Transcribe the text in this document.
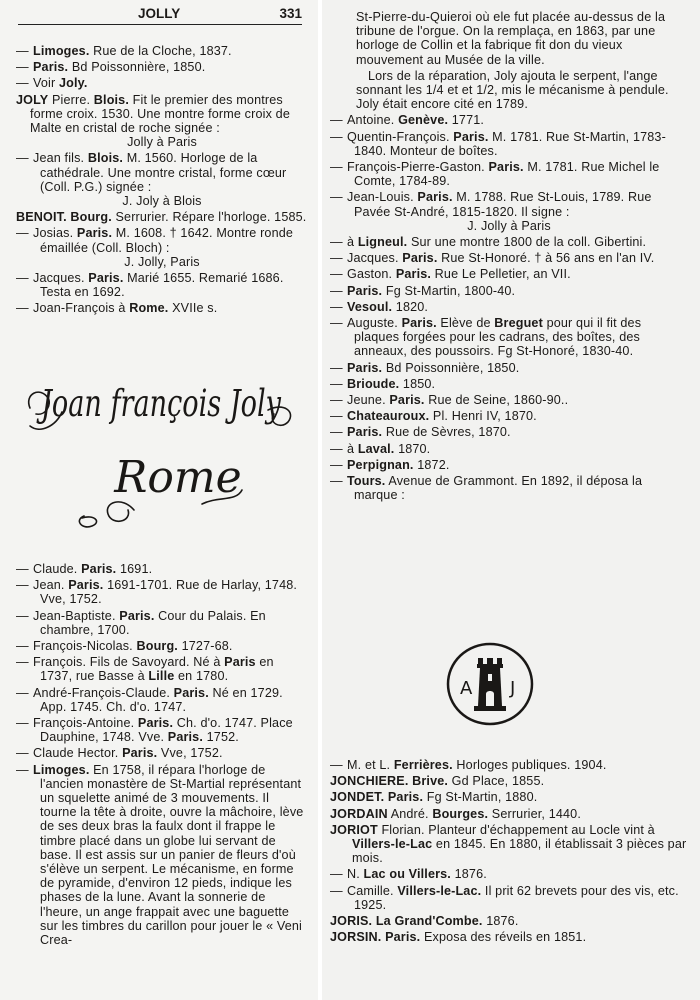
JOLLY	331
— Limoges. Rue de la Cloche, 1837.
— Paris. Bd Poissonnière, 1850.
— Voir Joly.
JOLY Pierre. Blois. Fit le premier des montres forme croix. 1530. Une montre forme croix de Malte en cristal de roche signée :
Jolly à Paris
— Jean fils. Blois. M. 1560. Horloge de la cathédrale. Une montre cristal, forme cœur (Coll. P.G.) signée :
J. Joly à Blois
BENOIT. Bourg. Serrurier. Répare l'horloge. 1585.
— Josias. Paris. M. 1608. † 1642. Montre ronde émaillée (Coll. Bloch) :
J. Jolly, Paris
— Jacques. Paris. Marié 1655. Remarié 1686. Testa en 1692.
— Joan-François à Rome. XVIIe s.
Joan françois Joly
Rome
— Claude. Paris. 1691.
— Jean. Paris. 1691-1701. Rue de Harlay, 1748. Vve, 1752.
— Jean-Baptiste. Paris. Cour du Palais. En chambre, 1700.
— François-Nicolas. Bourg. 1727-68.
— François. Fils de Savoyard. Né à Paris en 1737, rue Basse à Lille en 1780.
— André-François-Claude. Paris. Né en 1729. App. 1745. Ch. d'o. 1747.
— François-Antoine. Paris. Ch. d'o. 1747. Place Dauphine, 1748. Vve. Paris. 1752.
— Claude Hector. Paris. Vve, 1752.
— Limoges. En 1758, il répara l'horloge de l'ancien monastère de St-Martial représentant un squelette animé de 3 mouvements. Il tourne la tête à droite, ouvre la mâchoire, lève de ses deux bras la faulx dont il frappe le timbre placé dans un globe lui servant de base. Il est assis sur un panier de fleurs d'où s'élève un serpent. Le mécanisme, en forme de pyramide, d'environ 12 pieds, indique les phases de la lune. Avant la sonnerie de l'heure, un ange frappait avec une baguette sur les timbres du carillon pour jouer le « Veni Crea-
St-Pierre-du-Quieroi où ele fut placée au-dessus de la tribune de l'orgue. On la remplaça, en 1863, par une horloge de Collin et la fabrique fit don du vieux mouvement au Musée de la ville.
Lors de la réparation, Joly ajouta le serpent, l'ange sonnant les 1/4 et et 1/2, mis le mécanisme à pendule. Joly était encore cité en 1789.
— Antoine. Genève. 1771.
— Quentin-François. Paris. M. 1781. Rue St-Martin, 1783-1840. Monteur de boîtes.
— François-Pierre-Gaston. Paris. M. 1781. Rue Michel le Comte, 1784-89.
— Jean-Louis. Paris. M. 1788. Rue St-Louis, 1789. Rue Pavée St-André, 1815-1820. Il signe :
J. Jolly à Paris
— à Ligneul. Sur une montre 1800 de la coll. Gibertini.
— Jacques. Paris. Rue St-Honoré. † à 56 ans en l'an IV.
— Gaston. Paris. Rue Le Pelletier, an VII.
— Paris. Fg St-Martin, 1800-40.
— Vesoul. 1820.
— Auguste. Paris. Elève de Breguet pour qui il fit des plaques forgées pour les cadrans, des boîtes, des anneaux, des poussoirs. Fg St-Honoré, 1830-40.
— Paris. Bd Poissonnière, 1850.
— Brioude. 1850.
— Jeune. Paris. Rue de Seine, 1860-90..
— Chateauroux. Pl. Henri IV, 1870.
— Paris. Rue de Sèvres, 1870.
— à Laval. 1870.
— Perpignan. 1872.
— Tours. Avenue de Grammont. En 1892, il déposa la marque :
A J
— M. et L. Ferrières. Horloges publiques. 1904.
JONCHIERE. Brive. Gd Place, 1855.
JONDET. Paris. Fg St-Martin, 1880.
JORDAIN André. Bourges. Serrurier, 1440.
JORIOT Florian. Planteur d'échappement au Locle vint à Villers-le-Lac en 1845. En 1880, il établissait 3 pièces par mois.
— N. Lac ou Villers. 1876.
— Camille. Villers-le-Lac. Il prit 62 brevets pour des vis, etc. 1925.
JORIS. La Grand'Combe. 1876.
JORSIN. Paris. Exposa des réveils en 1851.
